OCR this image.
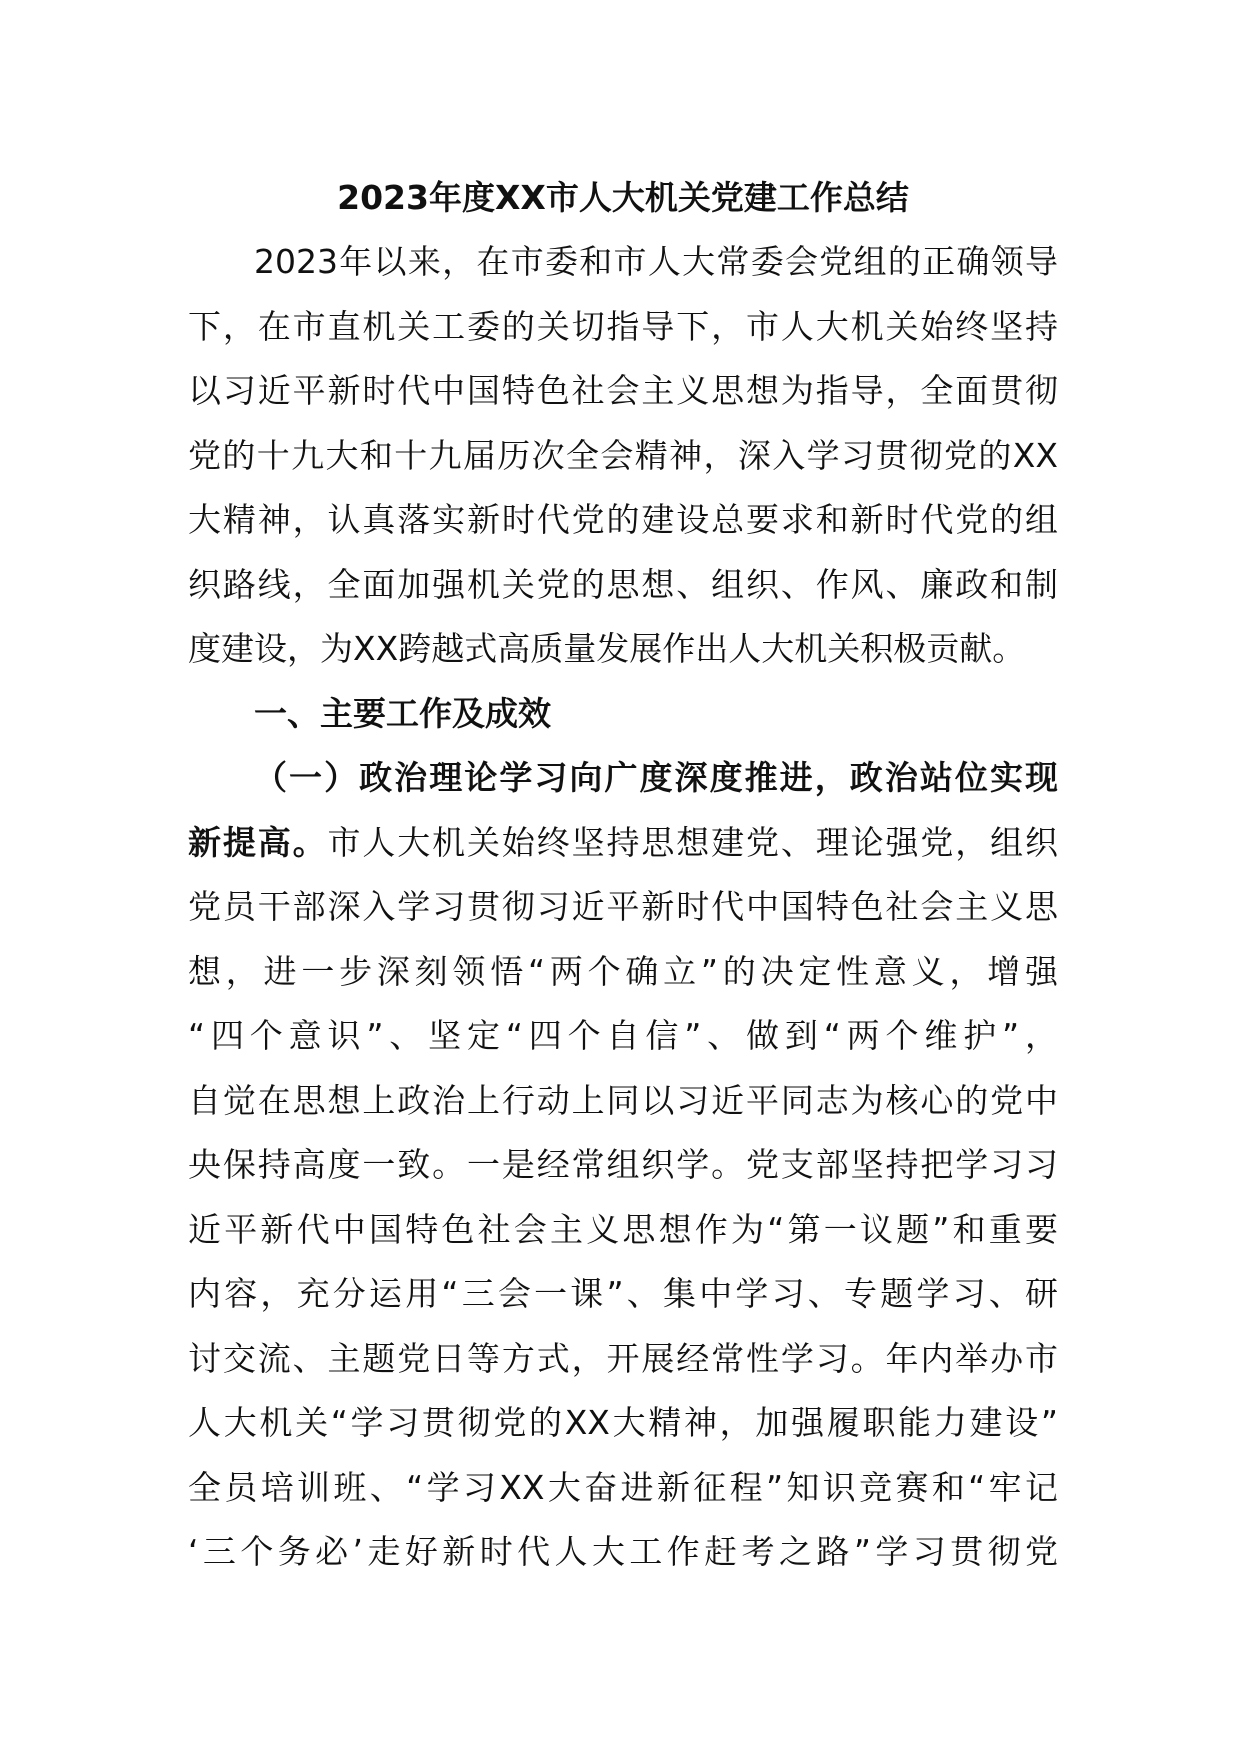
2023年度XX市人大机关党建工作总结
2023年以来，在市委和市人大常委会党组的正确领导
下，在市直机关工委的关切指导下，市人大机关始终坚持
以习近平新时代中国特色社会主义思想为指导，全面贯彻
党的十九大和十九届历次全会精神，深入学习贯彻党的XX
大精神，认真落实新时代党的建设总要求和新时代党的组
织路线，全面加强机关党的思想、组织、作风、廉政和制
度建设，为XX跨越式高质量发展作出人大机关积极贡献。
一、主要工作及成效
（一）政治理论学习向广度深度推进，政治站位实现
新提高。市人大机关始终坚持思想建党、理论强党，组织
党员干部深入学习贯彻习近平新时代中国特色社会主义思
想，进一步深刻领悟“两个确立”的决定性意义，增强
“四个意识”、坚定“四个自信”、做到“两个维护”，
自觉在思想上政治上行动上同以习近平同志为核心的党中
央保持高度一致。一是经常组织学。党支部坚持把学习习
近平新代中国特色社会主义思想作为“第一议题”和重要
内容，充分运用“三会一课”、集中学习、专题学习、研
讨交流、主题党日等方式，开展经常性学习。年内举办市
人大机关“学习贯彻党的XX大精神，加强履职能力建设”
全员培训班、“学习XX大奋进新征程”知识竞赛和“牢记
‘三个务必’走好新时代人大工作赶考之路”学习贯彻党
